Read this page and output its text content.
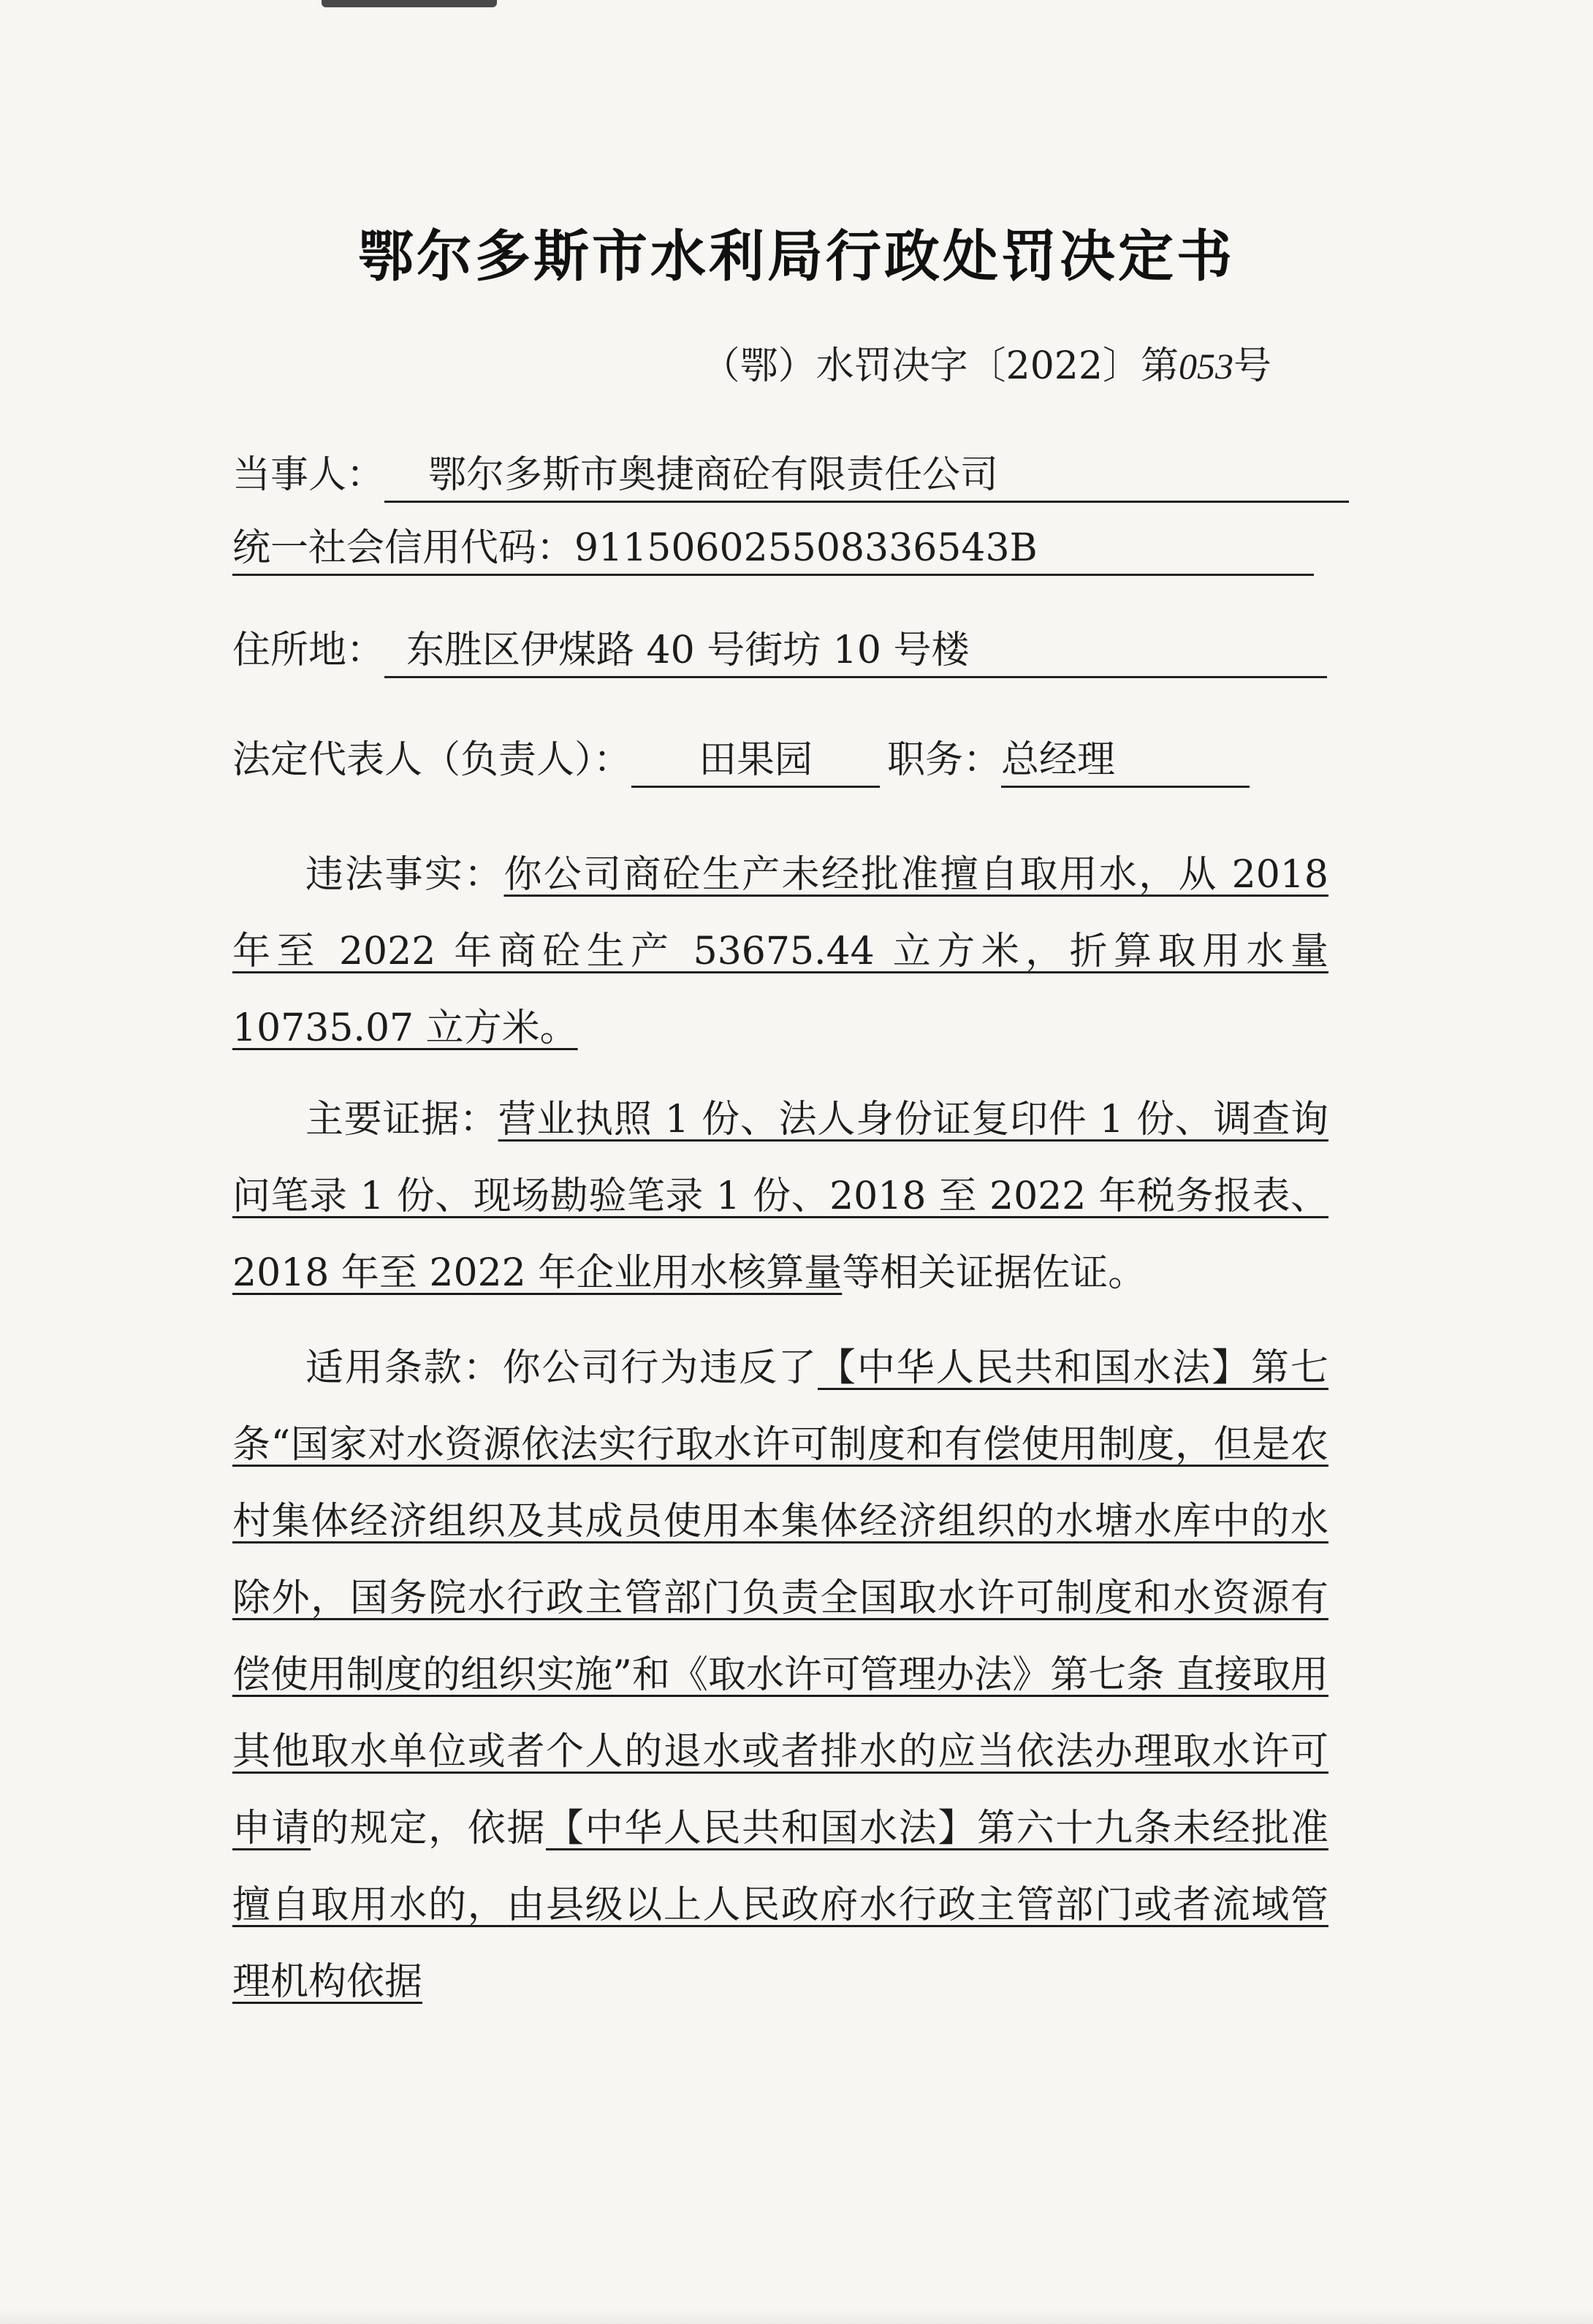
鄂尔多斯市水利局行政处罚决定书
（鄂）水罚决字〔2022〕第053号
当事人： 鄂尔多斯市奥捷商砼有限责任公司
统一社会信用代码：911506025508336543B
住所地： 东胜区伊煤路 40 号街坊 10 号楼
法定代表人（负责人）： 田果园 职务：总经理
违法事实：你公司商砼生产未经批准擅自取用水，从 2018 年至 2022 年商砼生产 53675.44 立方米，折算取用水量 10735.07 立方米。
主要证据：营业执照 1 份、法人身份证复印件 1 份、调查询问笔录 1 份、现场勘验笔录 1 份、2018 至 2022 年税务报表、2018 年至 2022 年企业用水核算量等相关证据佐证。
适用条款：你公司行为违反了【中华人民共和国水法】第七条“国家对水资源依法实行取水许可制度和有偿使用制度，但是农村集体经济组织及其成员使用本集体经济组织的水塘水库中的水除外，国务院水行政主管部门负责全国取水许可制度和水资源有偿使用制度的组织实施”和《取水许可管理办法》第七条 直接取用其他取水单位或者个人的退水或者排水的应当依法办理取水许可申请的规定，依据【中华人民共和国水法】第六十九条未经批准擅自取用水的，由县级以上人民政府水行政主管部门或者流域管理机构依据
